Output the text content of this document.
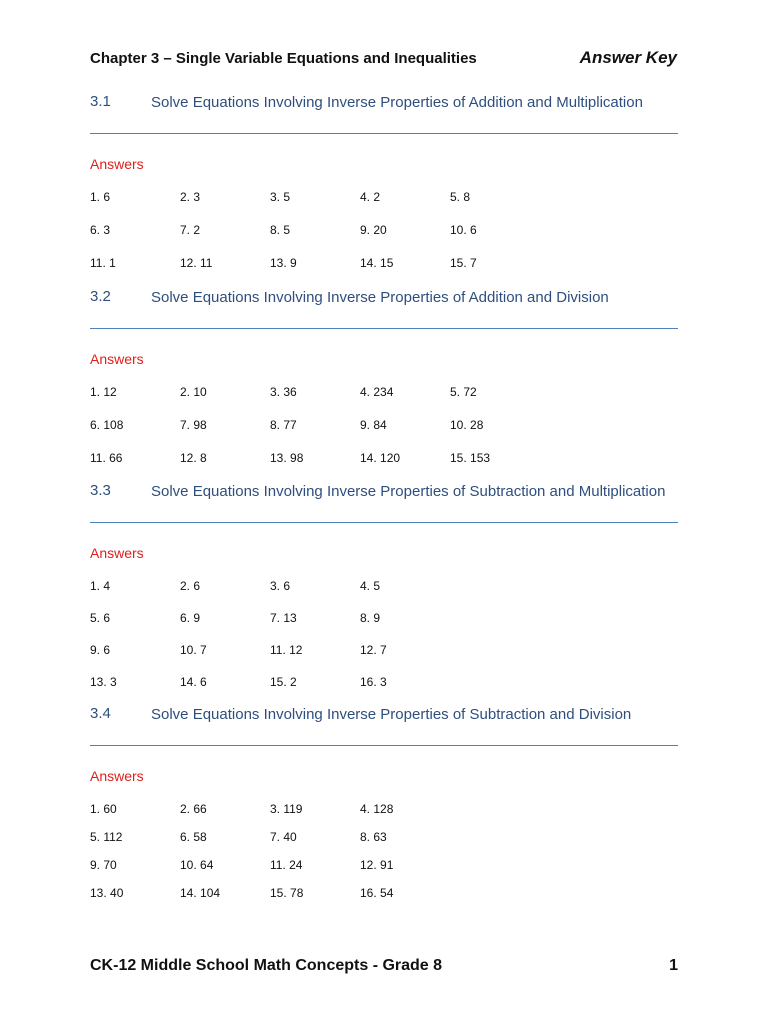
Chapter 3 – Single Variable Equations and Inequalities	Answer Key
3.1	Solve Equations Involving Inverse Properties of Addition and Multiplication
Answers
1. 6	2. 3	3. 5	4. 2	5. 8
6. 3	7. 2	8. 5	9. 20	10. 6
11. 1	12. 11	13. 9	14. 15	15. 7
3.2	Solve Equations Involving Inverse Properties of Addition and Division
Answers
1. 12	2. 10	3. 36	4. 234	5. 72
6. 108	7. 98	8. 77	9. 84	10. 28
11. 66	12. 8	13. 98	14. 120	15. 153
3.3	Solve Equations Involving Inverse Properties of Subtraction and Multiplication
Answers
1. 4	2. 6	3. 6	4. 5
5. 6	6. 9	7. 13	8. 9
9. 6	10. 7	11. 12	12. 7
13. 3	14. 6	15. 2	16. 3
3.4	Solve Equations Involving Inverse Properties of Subtraction and Division
Answers
1. 60	2. 66	3. 119	4. 128
5. 112	6. 58	7. 40	8. 63
9. 70	10. 64	11. 24	12. 91
13. 40	14. 104	15. 78	16. 54
CK-12 Middle School Math Concepts - Grade 8	1
